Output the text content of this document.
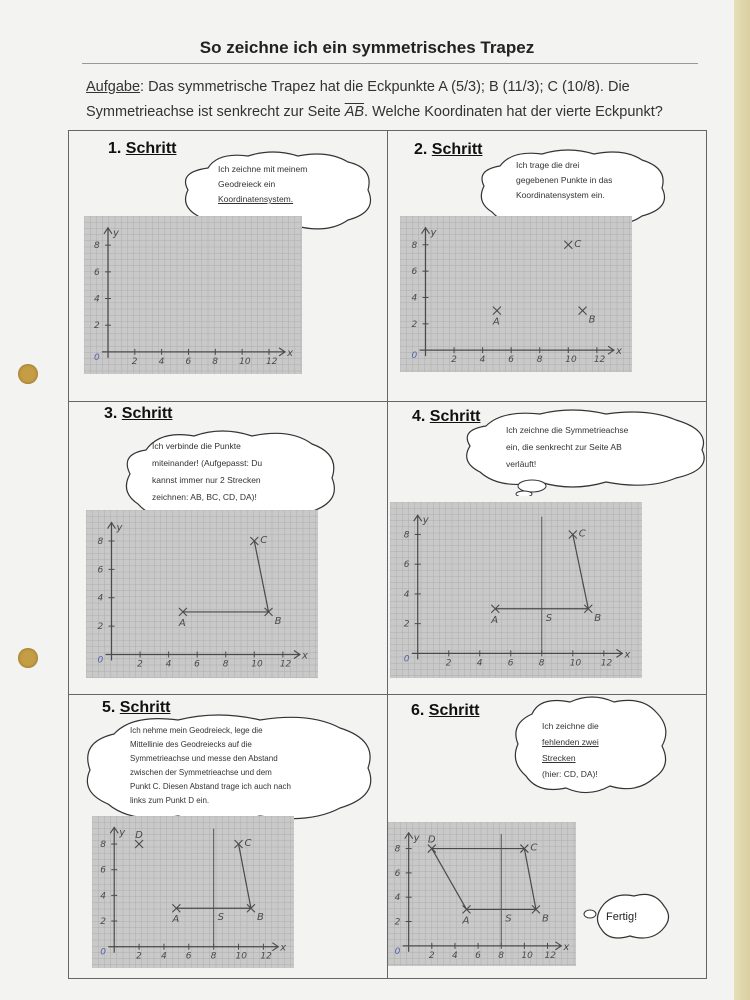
So zeichne ich ein symmetrisches Trapez
Aufgabe: Das symmetrische Trapez hat die Eckpunkte A (5/3); B (11/3); C (10/8). Die
Symmetrieachse ist senkrecht zur Seite $\overline{AB}$. Welche Koordinaten hat der vierte Eckpunkt?
1. Schritt	2. Schritt
3. Schritt	4. Schritt
5. Schritt	6. Schritt
Ich zeichne mit meinem
Geodreieck ein
Koordinatensystem.
Ich trage die drei
gegebenen Punkte in das
Koordinatensystem ein.
Ich verbinde die Punkte
miteinander! (Aufgepasst: Du
kannst immer nur 2 Strecken
zeichnen: AB, BC, CD, DA)!
Ich zeichne die Symmetrieachse
ein, die senkrecht zur Seite AB
verläuft!
Ich nehme mein Geodreieck, lege die
Mittellinie des Geodreiecks auf die
Symmetrieachse und messe den Abstand
zwischen der Symmetrieachse und dem
Punkt C. Diesen Abstand trage ich auch nach
links zum Punkt D ein.
Ich zeichne die
fehlenden zwei
Strecken
(hier: CD, DA)!
2 4 6 8 10 12
2
4
6
8
0	x
y
2	4	6	8	10 12
2
4
6
8
0	x
y
A	B
C
2	4	6	8	10 12
2
4
6
8
0	x
y
A	B
C
2	4	6	8	10 12
2
4
6
8
0	x
y
A	B
C
S
2 4 6 8 10 12
2
4
6
8
0	x
y
A	B
C
D
S
2 4 6 8 10 12
2
4
6
8
0	x
y
A	B
C
D
S	Fertig!
